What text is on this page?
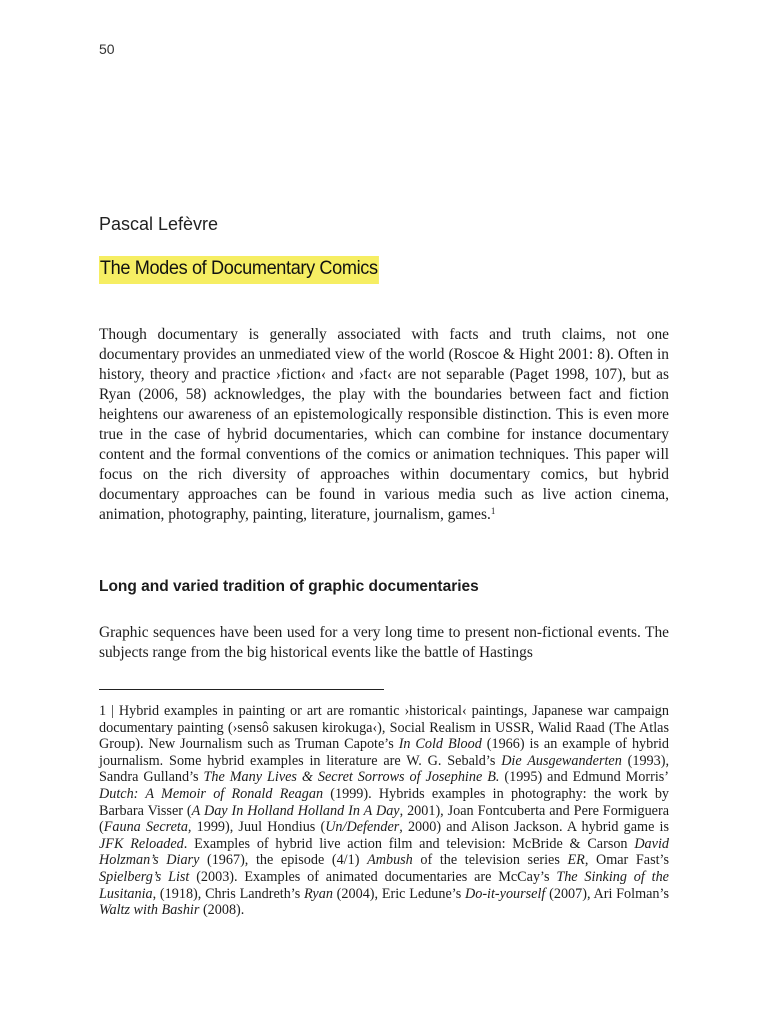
50
Pascal Lefèvre
The Modes of Documentary Comics
Though documentary is generally associated with facts and truth claims, not one documentary provides an unmediated view of the world (Roscoe & Hight 2001: 8). Often in history, theory and practice ›fiction‹ and ›fact‹ are not separable (Paget 1998, 107), but as Ryan (2006, 58) acknowledges, the play with the boundaries between fact and fiction heightens our awareness of an epistemologically responsible distinction. This is even more true in the case of hybrid documentaries, which can combine for instance documentary content and the formal conventions of the comics or animation techniques. This paper will focus on the rich diversity of approaches within documentary comics, but hybrid documentary approaches can be found in various media such as live action cinema, animation, photography, painting, literature, journalism, games.$^1$
Long and varied tradition of graphic documentaries
Graphic sequences have been used for a very long time to present non-fictional events. The subjects range from the big historical events like the battle of Hastings
1 | Hybrid examples in painting or art are romantic ›historical‹ paintings, Japanese war campaign documentary painting (›sensô sakusen kirokuga‹), Social Realism in USSR, Walid Raad (The Atlas Group). New Journalism such as Truman Capote’s In Cold Blood (1966) is an example of hybrid journalism. Some hybrid examples in literature are W. G. Sebald’s Die Ausgewanderten (1993), Sandra Gulland’s The Many Lives & Secret Sorrows of Josephine B. (1995) and Edmund Morris’ Dutch: A Memoir of Ronald Reagan (1999). Hybrids examples in photography: the work by Barbara Visser (A Day In Holland Holland In A Day, 2001), Joan Fontcuberta and Pere Formiguera (Fauna Secreta, 1999), Juul Hondius (Un/Defender, 2000) and Alison Jackson. A hybrid game is JFK Reloaded. Examples of hybrid live action film and television: McBride & Carson David Holzman’s Diary (1967), the episode (4/1) Ambush of the television series ER, Omar Fast’s Spielberg’s List (2003). Examples of animated documentaries are McCay’s The Sinking of the Lusitania, (1918), Chris Landreth’s Ryan (2004), Eric Ledune’s Do-it-yourself (2007), Ari Folman’s Waltz with Bashir (2008).
